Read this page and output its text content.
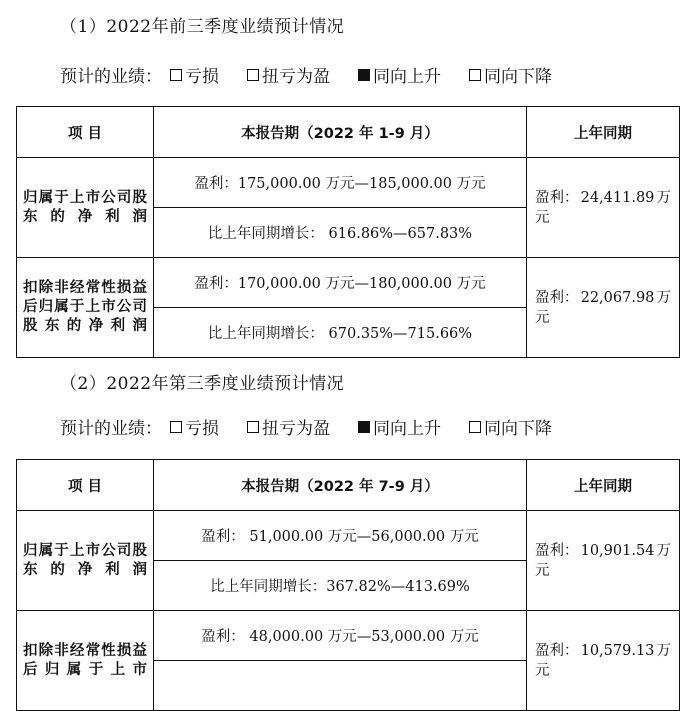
（1）2022年前三季度业绩预计情况
预计的业绩： 亏损	扭亏为盈	同向上升	同向下降
项 目	本报告期（2022 年 1-9 月）	上年同期
归属于上市公司股东的净利润	盈利：175,000.00 万元—185,000.00 万元	盈利： 24,411.89 万
元

	比上年同期增长： 616.86%—657.83%	
扣除非经常性损益后归属于上市公司股东的净利润	盈利：170,000.00 万元—180,000.00 万元	盈利： 22,067.98 万
元

	比上年同期增长： 670.35%—715.66%	
（2）2022年第三季度业绩预计情况
预计的业绩： 亏损	扭亏为盈	同向上升	同向下降
项 目	本报告期（2022 年 7-9 月）	上年同期
归属于上市公司股东的净利润	盈利： 51,000.00 万元—56,000.00 万元	盈利： 10,901.54 万
元

	比上年同期增长：367.82%—413.69%	
扣除非经常性损益后归属于上市	盈利： 48,000.00 万元—53,000.00 万元	盈利： 10,579.13 万
元
